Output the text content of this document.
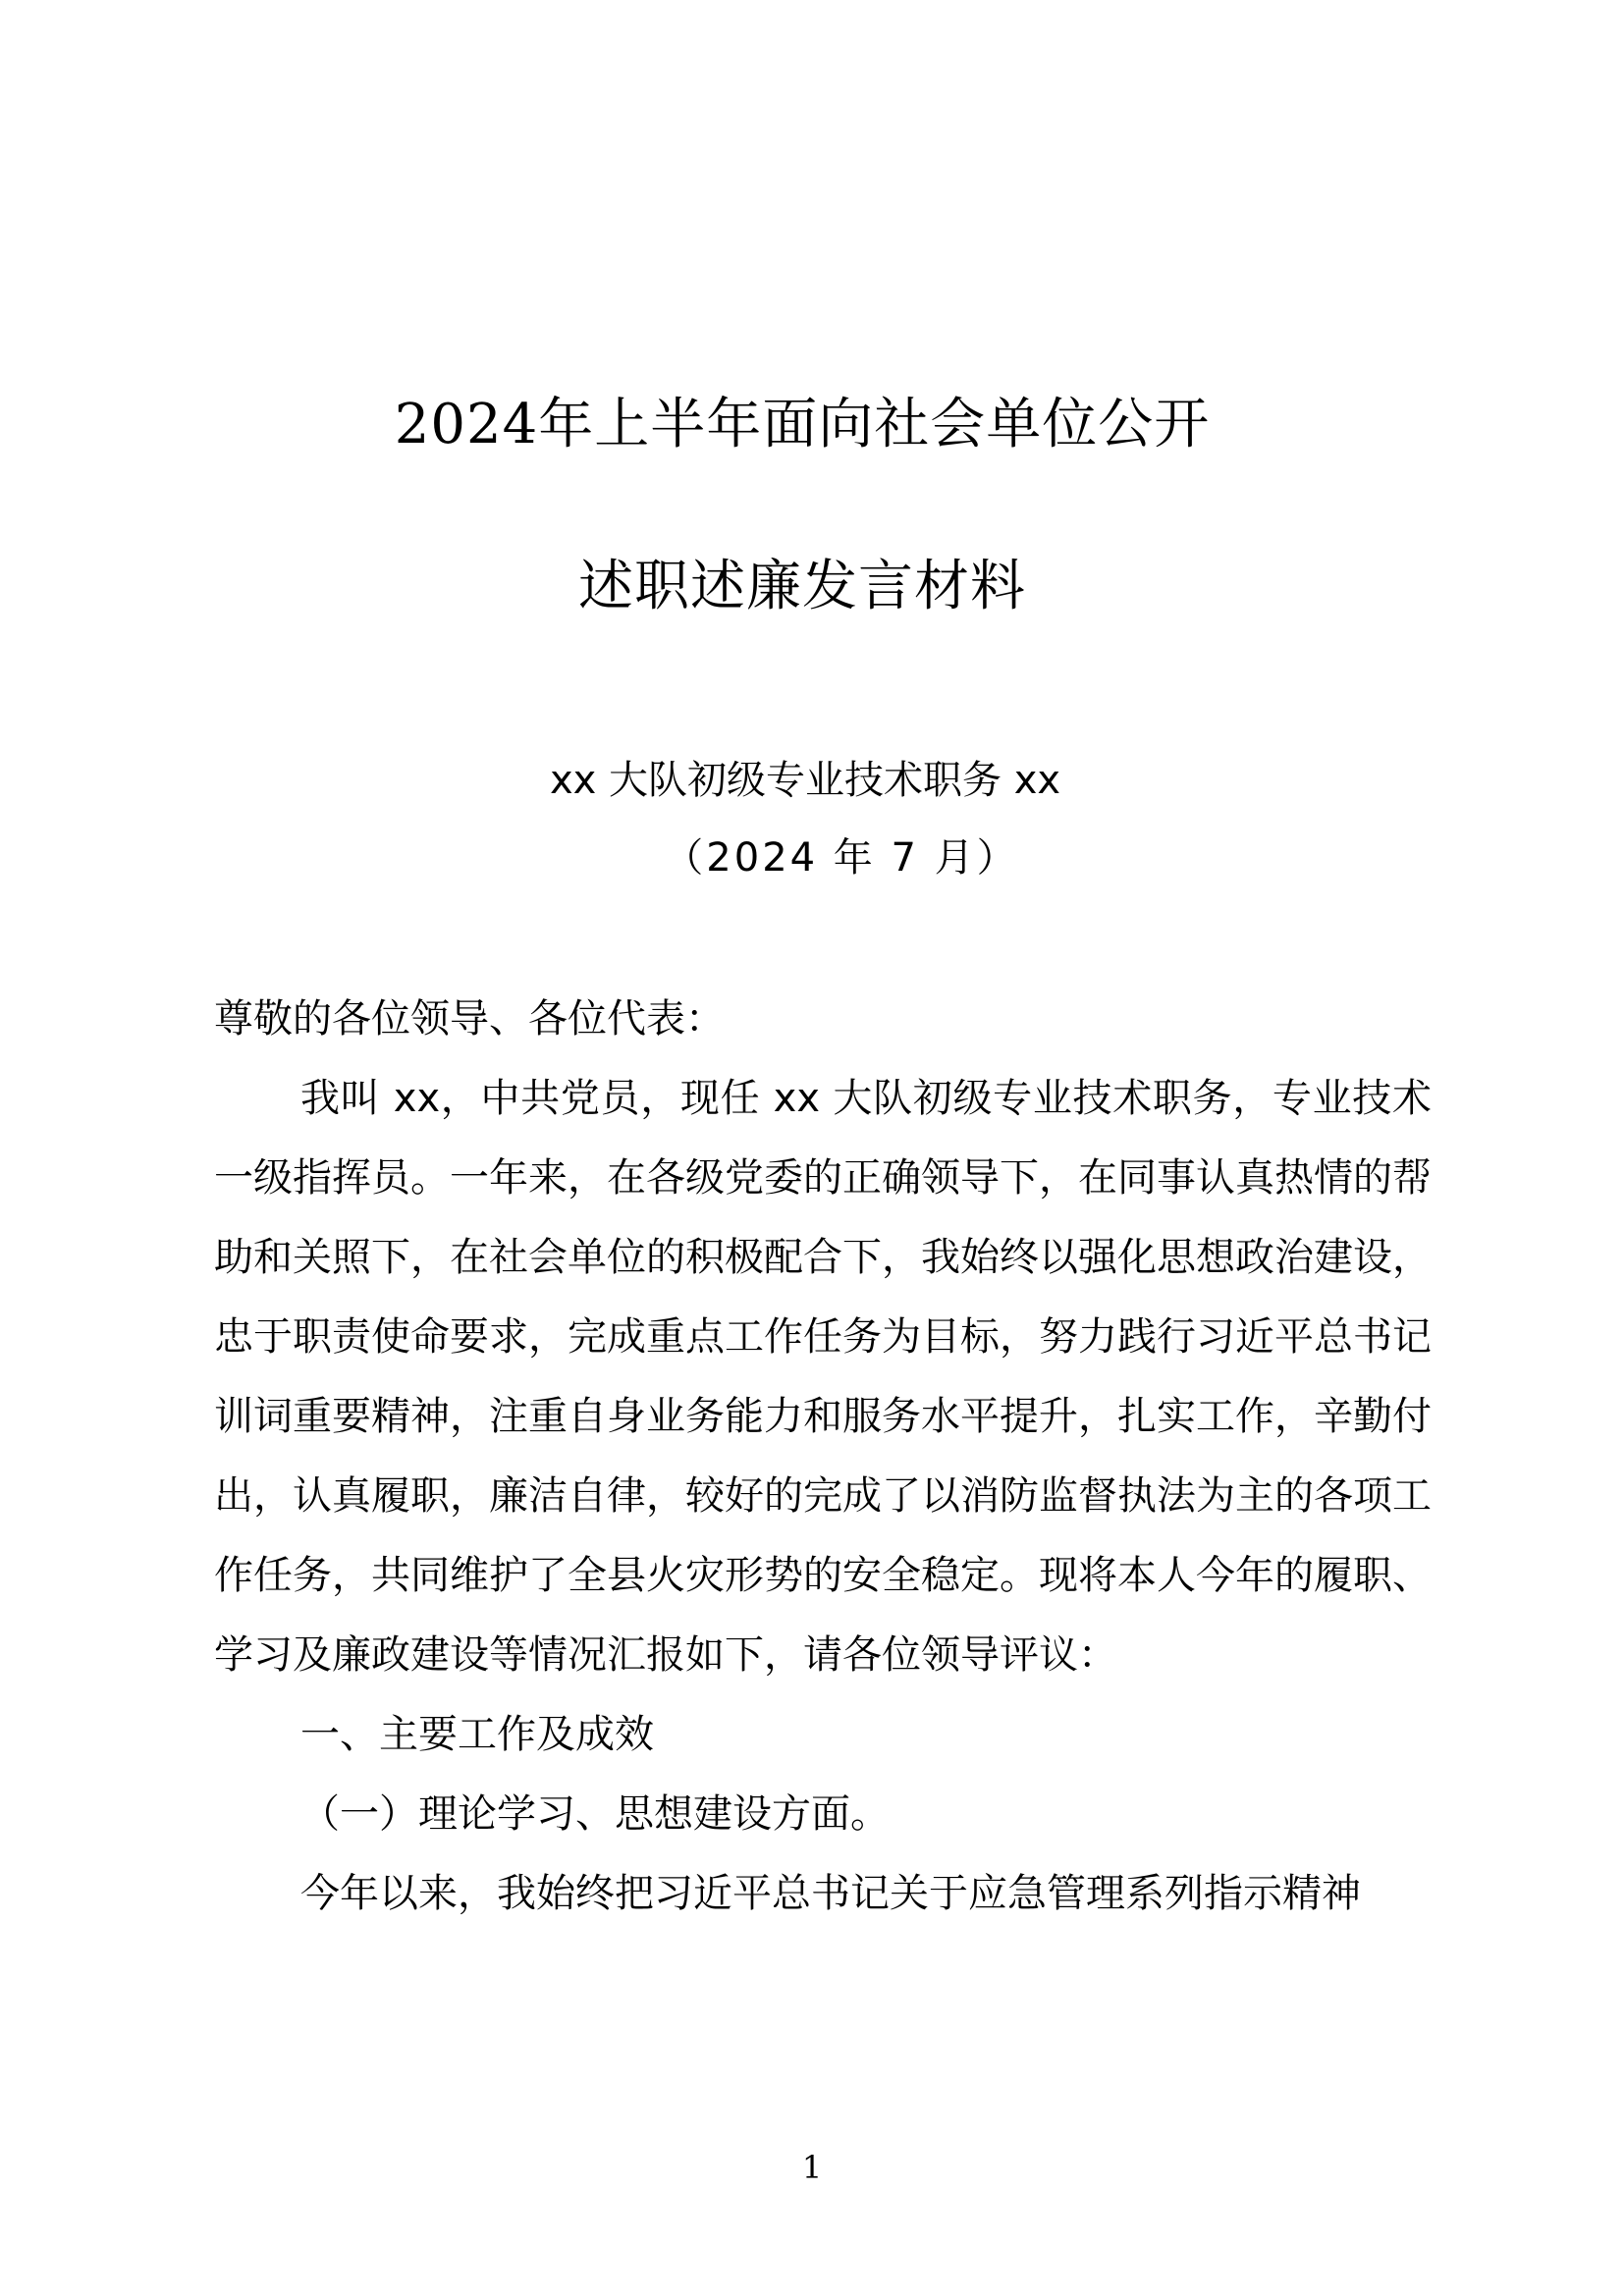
2024年上半年面向社会单位公开
述职述廉发言材料
xx 大队初级专业技术职务 xx
（2024 年 7 月）

尊敬的各位领导、各位代表：

我叫 xx，中共党员，现任 xx 大队初级专业技术职务，专业技术一级指挥员。一年来，在各级党委的正确领导下，在同事认真热情的帮助和关照下，在社会单位的积极配合下，我始终以强化思想政治建设，忠于职责使命要求，完成重点工作任务为目标，努力践行习近平总书记训词重要精神，注重自身业务能力和服务水平提升，扎实工作，辛勤付出，认真履职，廉洁自律，较好的完成了以消防监督执法为主的各项工作任务，共同维护了全县火灾形势的安全稳定。现将本人今年的履职、学习及廉政建设等情况汇报如下，请各位领导评议：

一、主要工作及成效

（一）理论学习、思想建设方面。

今年以来，我始终把习近平总书记关于应急管理系列指示精神

1
